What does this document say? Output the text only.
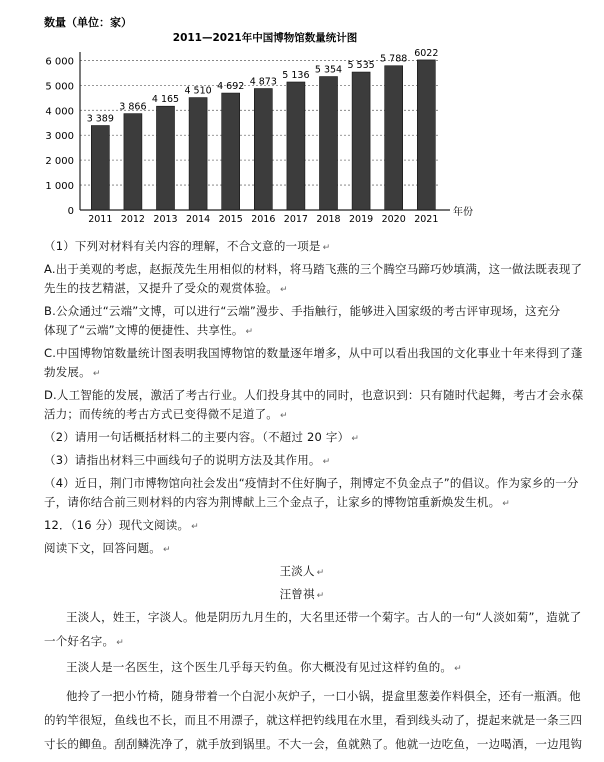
数量（单位：家）
2011—2021年中国博物馆数量统计图
0
1 000
2 000
3 000
4 000
5 000
6 000
3 389
3 866
4 165
4 510 4 692 4 873
5 136 5 354 5 535
5 788
6022
2011 2012 2013 2014 2015 2016 2017 2018 2019 2020 2021
年份
（1）下列对材料有关内容的理解，不合文意的一项是 ↵
A.出于美观的考虑，赵振茂先生用相似的材料，将马踏飞燕的三个腾空马蹄巧妙填满，这一做法既表现了
先生的技艺精湛，又提升了受众的观赏体验。 ↵
B.公众通过“云端”文博，可以进行“云端”漫步、手指触行，能够进入国家级的考古评审现场，这充分
体现了“云端”文博的便捷性、共享性。 ↵
C.中国博物馆数量统计图表明我国博物馆的数量逐年增多，从中可以看出我国的文化事业十年来得到了蓬
勃发展。 ↵
D.人工智能的发展，激活了考古行业。人们投身其中的同时，也意识到：只有随时代起舞，考古才会永葆
活力；而传统的考古方式已变得微不足道了。 ↵
（2）请用一句话概括材料二的主要内容。（不超过 20 字） ↵
（3）请指出材料三中画线句子的说明方法及其作用。 ↵
（4）近日，荆门市博物馆向社会发出“疫情封不住好胸子，荆博定不负金点子”的倡议。作为家乡的一分
子，请你结合前三则材料的内容为荆博献上三个金点子，让家乡的博物馆重新焕发生机。 ↵
12．（16 分）现代文阅读。 ↵
阅读下文，回答问题。 ↵
王淡人 ↵
汪曾祺 ↵
王淡人，姓王，字淡人。他是阴历九月生的，大名里还带一个菊字。古人的一句“人淡如菊”，造就了
一个好名字。 ↵
王淡人是一名医生，这个医生几乎每天钓鱼。你大概没有见过这样钓鱼的。 ↵
他拎了一把小竹椅，随身带着一个白泥小灰炉子，一口小锅，提盒里葱姜作料俱全，还有一瓶酒。他
的钓竿很短，鱼线也不长，而且不用漂子，就这样把钓线甩在水里，看到线头动了，提起来就是一条三四
寸长的鲫鱼。刮刮鳞洗净了，就手放到锅里。不大一会，鱼就熟了。他就一边吃鱼，一边喝酒，一边甩钩
